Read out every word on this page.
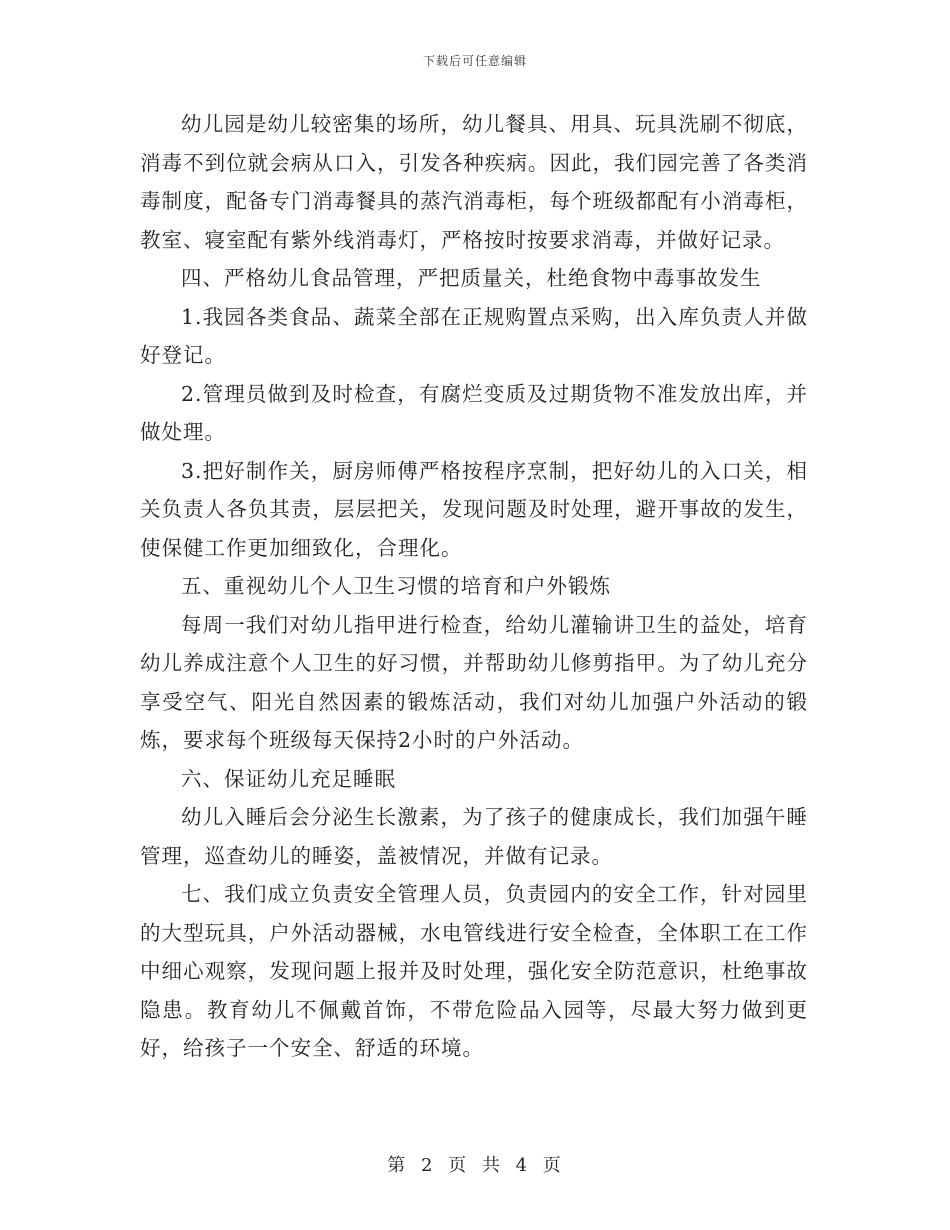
下载后可任意编辑

幼儿园是幼儿较密集的场所，幼儿餐具、用具、玩具洗刷不彻底，消毒不到位就会病从口入，引发各种疾病。因此，我们园完善了各类消毒制度，配备专门消毒餐具的蒸汽消毒柜，每个班级都配有小消毒柜，教室、寝室配有紫外线消毒灯，严格按时按要求消毒，并做好记录。

四、严格幼儿食品管理，严把质量关，杜绝食物中毒事故发生

1.我园各类食品、蔬菜全部在正规购置点采购，出入库负责人并做好登记。

2.管理员做到及时检查，有腐烂变质及过期货物不准发放出库，并做处理。

3.把好制作关，厨房师傅严格按程序烹制，把好幼儿的入口关，相关负责人各负其责，层层把关，发现问题及时处理，避开事故的发生，使保健工作更加细致化，合理化。

五、重视幼儿个人卫生习惯的培育和户外锻炼

每周一我们对幼儿指甲进行检查，给幼儿灌输讲卫生的益处，培育幼儿养成注意个人卫生的好习惯，并帮助幼儿修剪指甲。为了幼儿充分享受空气、阳光自然因素的锻炼活动，我们对幼儿加强户外活动的锻炼，要求每个班级每天保持2小时的户外活动。

六、保证幼儿充足睡眠

幼儿入睡后会分泌生长激素，为了孩子的健康成长，我们加强午睡管理，巡查幼儿的睡姿，盖被情况，并做有记录。

七、我们成立负责安全管理人员，负责园内的安全工作，针对园里的大型玩具，户外活动器械，水电管线进行安全检查，全体职工在工作中细心观察，发现问题上报并及时处理，强化安全防范意识，杜绝事故隐患。教育幼儿不佩戴首饰，不带危险品入园等，尽最大努力做到更好，给孩子一个安全、舒适的环境。

第 2 页 共 4 页
